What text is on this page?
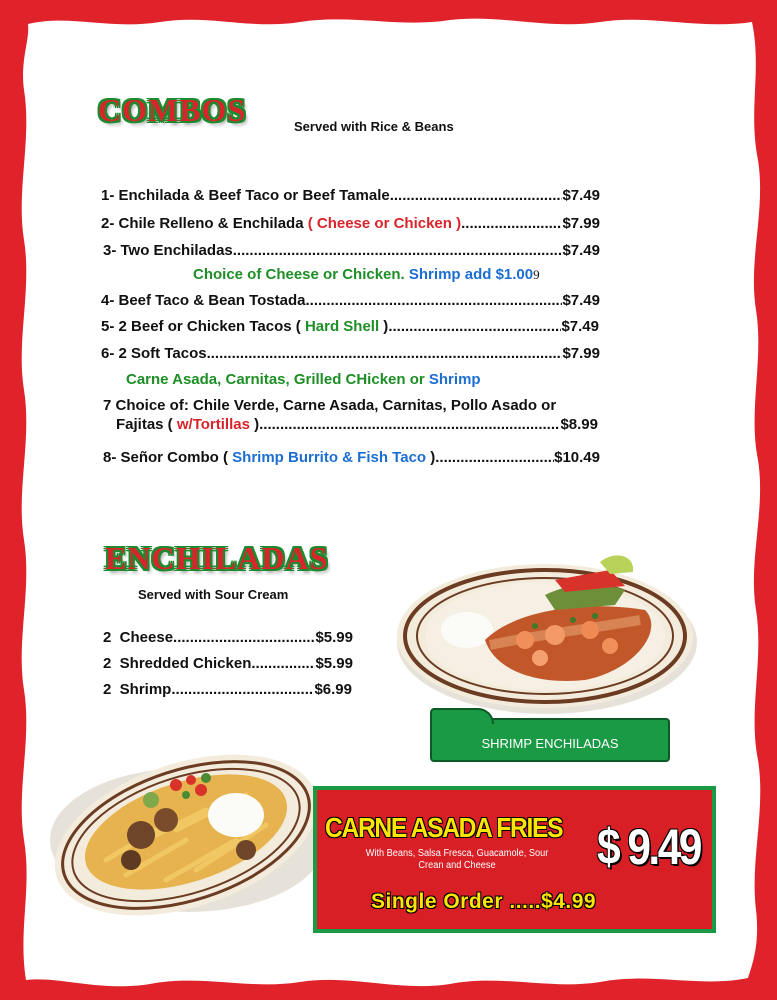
COMBOS	Served with Rice & Beans
1- Enchilada & Beef Taco or Beef Tamale .....	$7.49
2- Chile Relleno & Enchilada ( Cheese or Chicken ) .....	$7.99
3- Two Enchiladas .....	$7.49
Choice of Cheese or Chicken. Shrimp add $1.009
4- Beef Taco & Bean Tostada .....	$7.49
5- 2 Beef or Chicken Tacos ( Hard Shell ) .....	$7.49
6- 2 Soft Tacos .....	$7.99
Carne Asada, Carnitas, Grilled CHicken or Shrimp
7 Choice of: Chile Verde, Carne Asada, Carnitas, Pollo Asado or
Fajitas ( w/Tortillas ) .....	$8.99
8- Señor Combo ( Shrimp Burrito & Fish Taco ) .....	$10.49
ENCHILADAS
Served with Sour Cream
2  Cheese .....	$5.99
2  Shredded Chicken .....	$5.99
2  Shrimp .....	$6.99
SHRIMP ENCHILADAS
CARNE ASADA FRIES
With Beans, Salsa Fresca, Guacamole, Sour Crean and Cheese	$ 9.49
Single Order ..... $4.99
